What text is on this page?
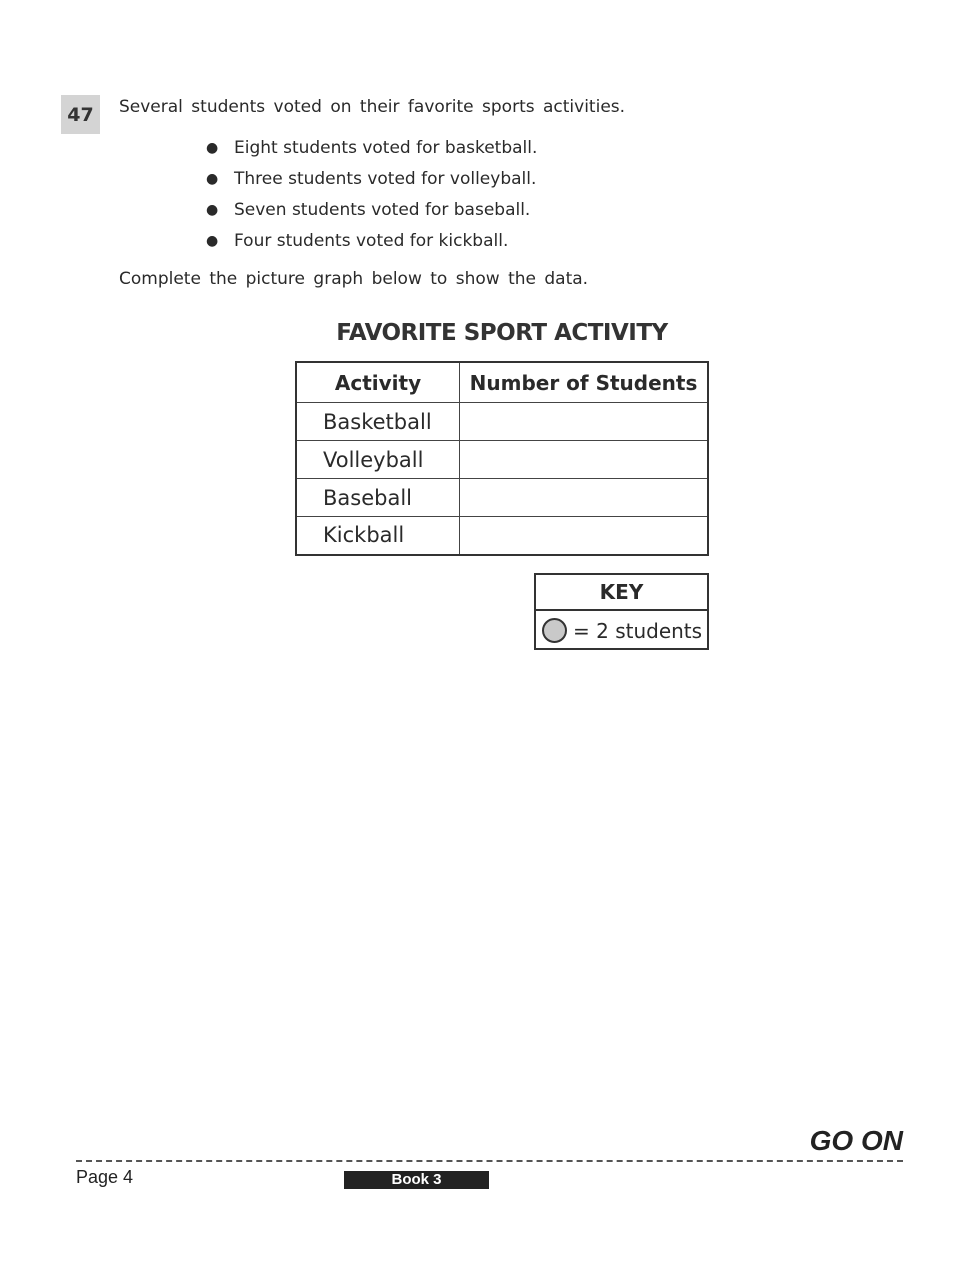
47	Several students voted on their favorite sports activities.
● Eight students voted for basketball.
● Three students voted for volleyball.
● Seven students voted for baseball.
● Four students voted for kickball.
Complete the picture graph below to show the data.
FAVORITE SPORT ACTIVITY
Activity	Number of Students
Basketball	
Volleyball	
Baseball	
Kickball	
KEY
= 2 students
GO ON
Page 4	Book 3
